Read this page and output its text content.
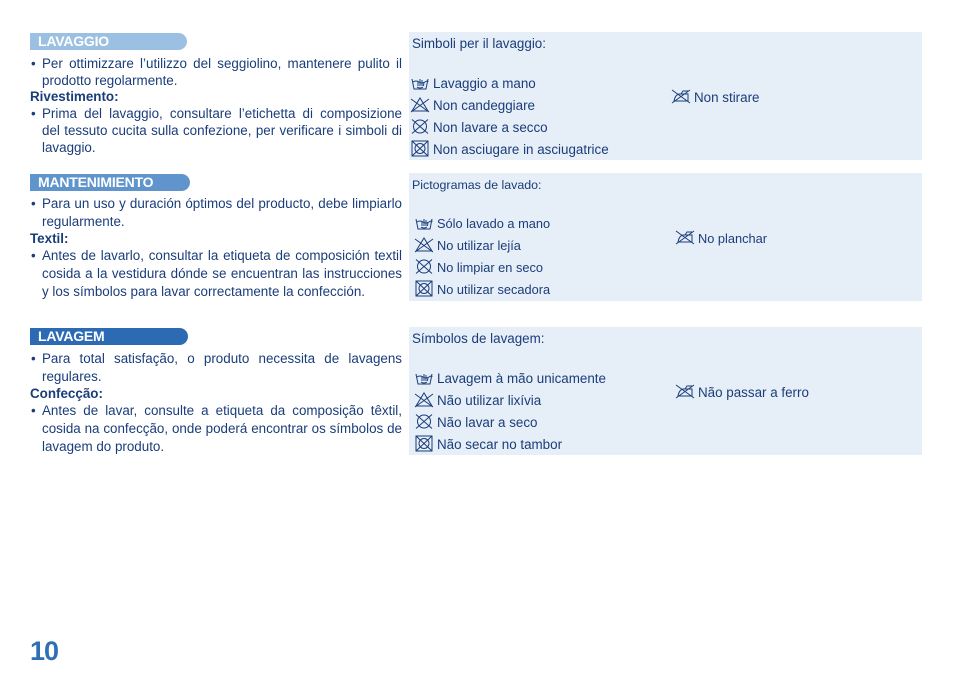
LAVAGGIO
• Per ottimizzare l’utilizzo del seggiolino, mantenere pulito il prodotto regolarmente.
Rivestimento:
• Prima del lavaggio, consultare l’etichetta di composizione del tessuto cucita sulla confezione, per verificare i simboli di lavaggio.
MANTENIMIENTO
• Para un uso y duración óptimos del producto, debe limpiarlo regularmente.
Textil:
• Antes de lavarlo, consultar la etiqueta de composición textil cosida a la vestidura dónde se encuentran las instrucciones y los símbolos para lavar correctamente la confección.
LAVAGEM
• Para total satisfação, o produto necessita de lavagens regulares.
Confecção:
• Antes de lavar, consulte a etiqueta da composição têxtil, cosida na confecção, onde poderá encontrar os símbolos de lavagem do produto.
Simboli per il lavaggio:
Lavaggio a mano
Non candeggiare
Non lavare a secco
Non asciugare in asciugatrice
Non stirare
Pictogramas de lavado:
Sólo lavado a mano
No utilizar lejía
No limpiar en seco
No utilizar secadora
No planchar
Símbolos de lavagem:
Lavagem à mão unicamente
Não utilizar lixívia
Não lavar a seco
Não secar no tambor
Não passar a ferro
10
